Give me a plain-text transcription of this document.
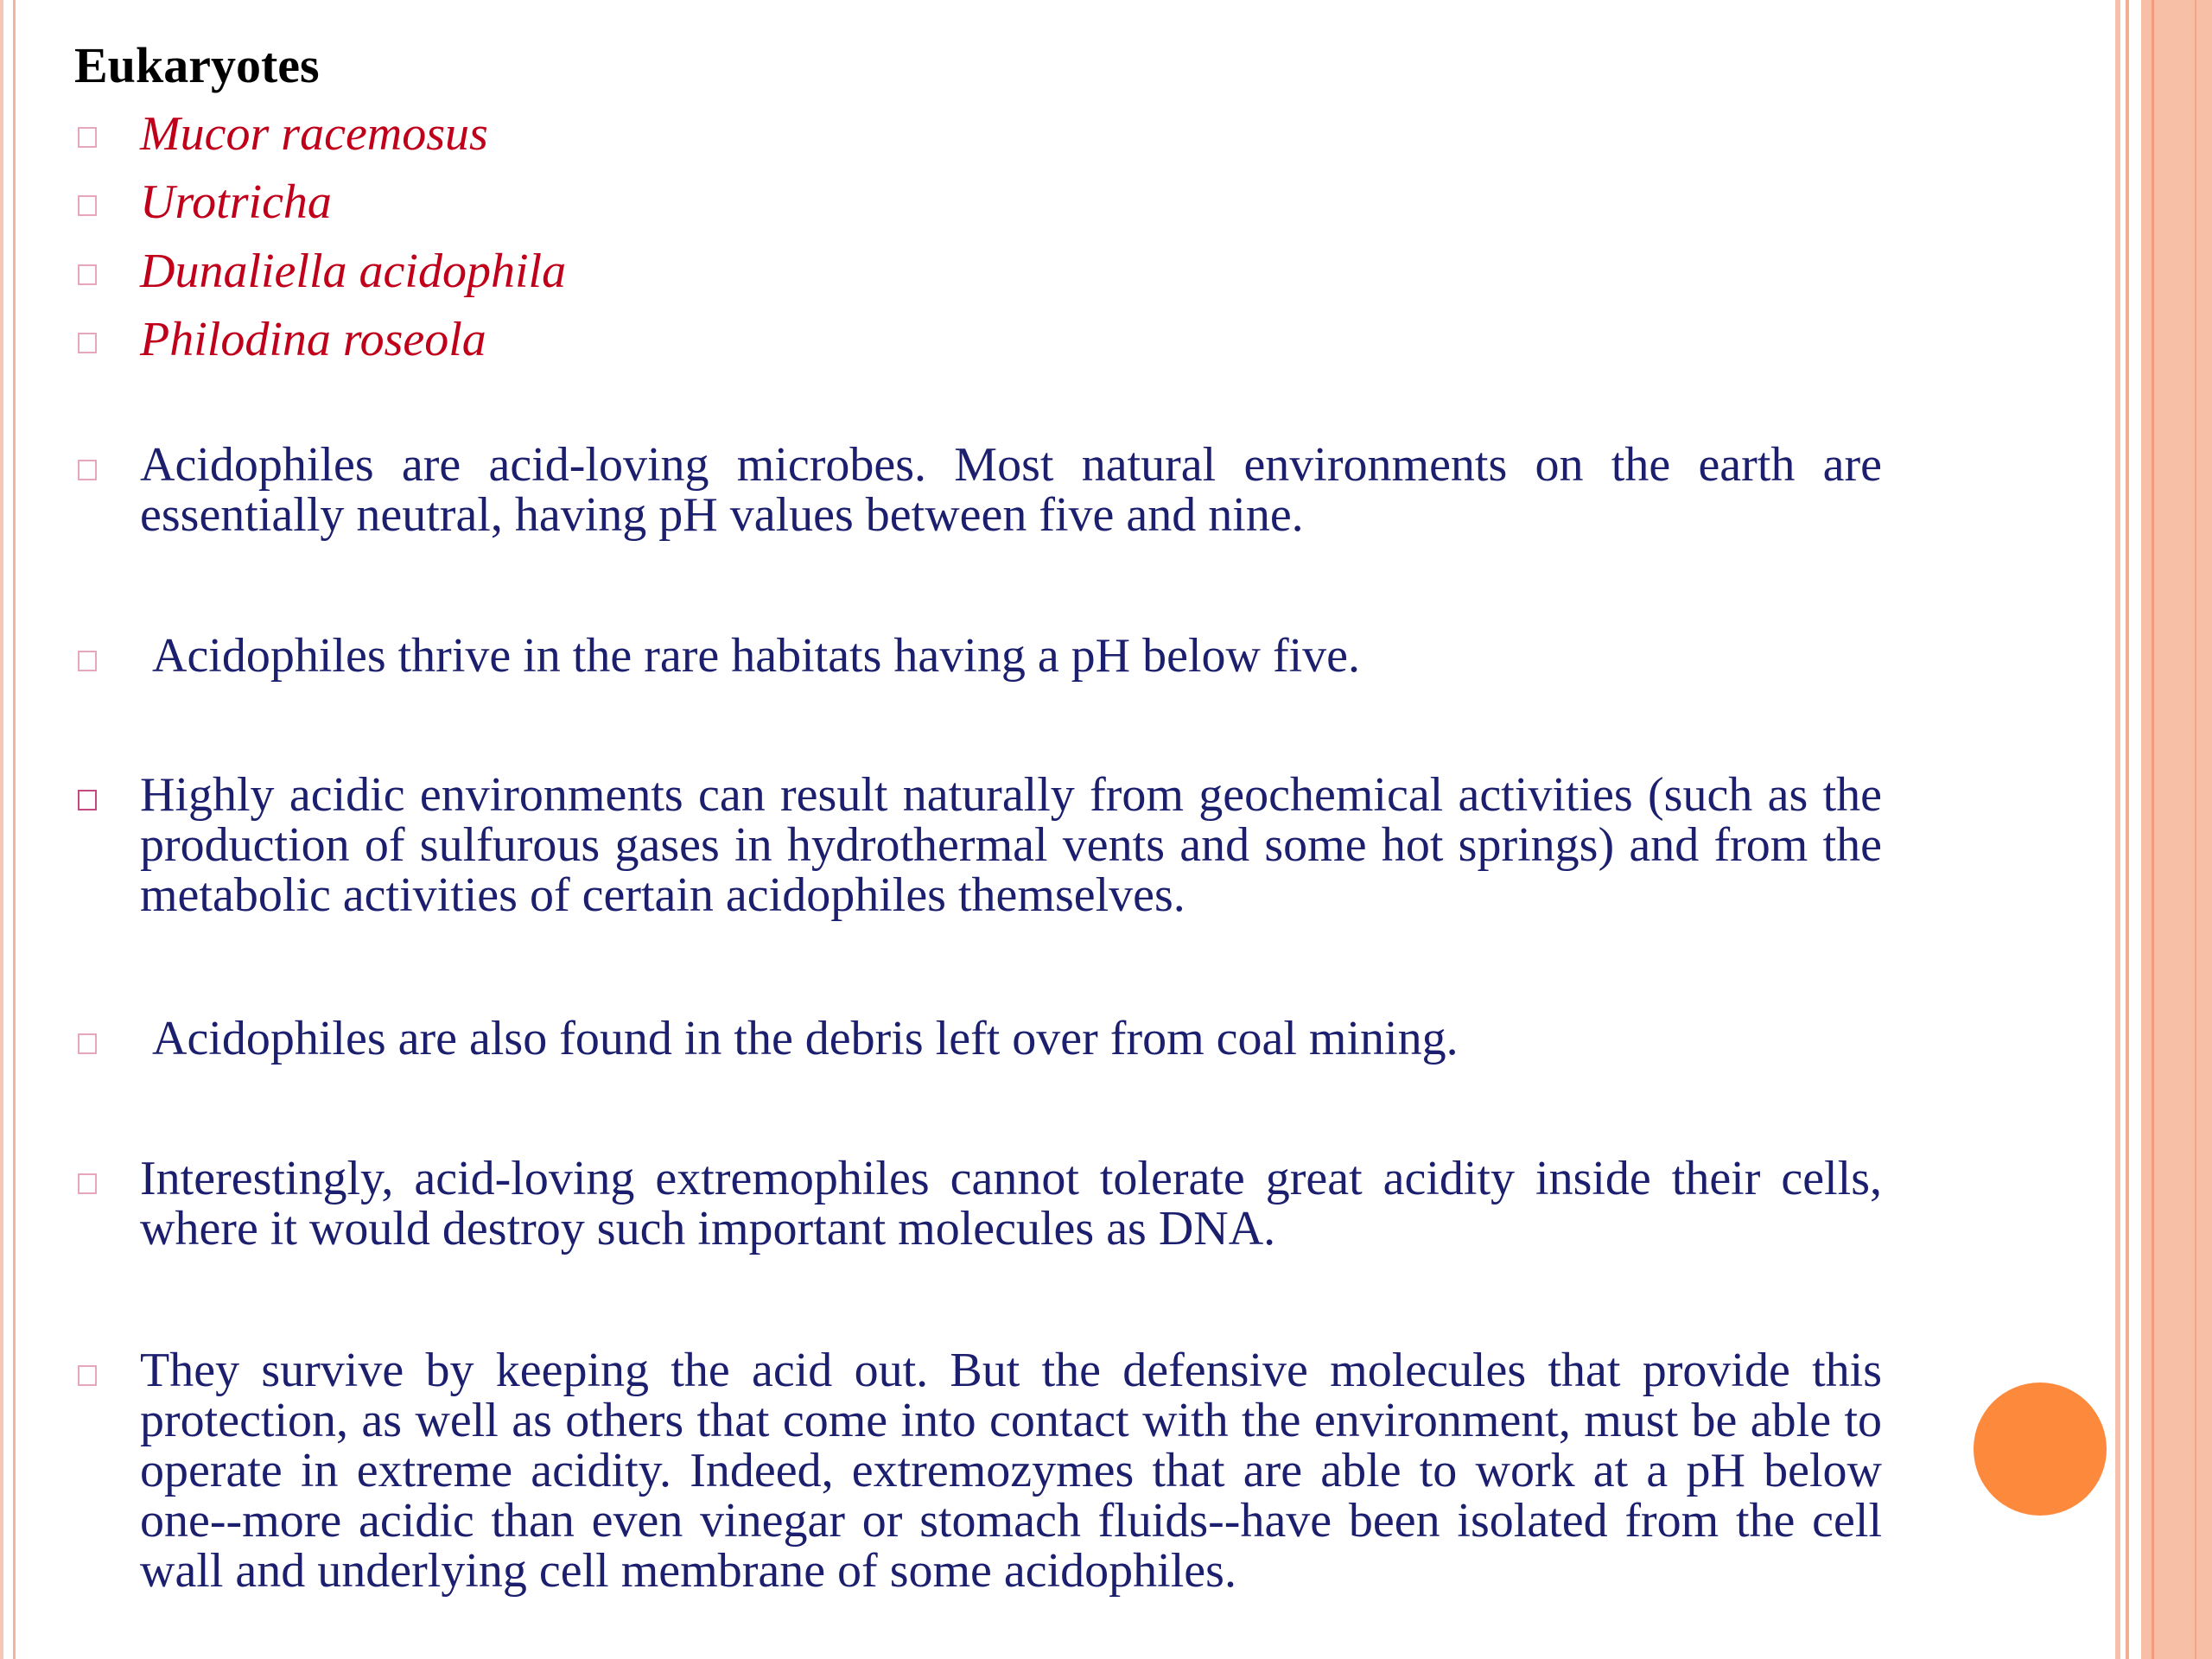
Eukaryotes
Mucor racemosus
Urotricha
Dunaliella acidophila
Philodina roseola
Acidophiles are acid-loving microbes. Most natural environments on the earth are essentially neutral, having pH values between five and nine.
Acidophiles thrive in the rare habitats having a pH below five.
Highly acidic environments can result naturally from geochemical activities (such as the production of sulfurous gases in hydrothermal vents and some hot springs) and from the metabolic activities of certain acidophiles themselves.
Acidophiles are also found in the debris left over from coal mining.
Interestingly, acid-loving extremophiles cannot tolerate great acidity inside their cells, where it would destroy such important molecules as DNA.
They survive by keeping the acid out. But the defensive molecules that provide this protection, as well as others that come into contact with the environment, must be able to operate in extreme acidity. Indeed, extremozymes that are able to work at a pH below one--more acidic than even vinegar or stomach fluids--have been isolated from the cell wall and underlying cell membrane of some acidophiles.
